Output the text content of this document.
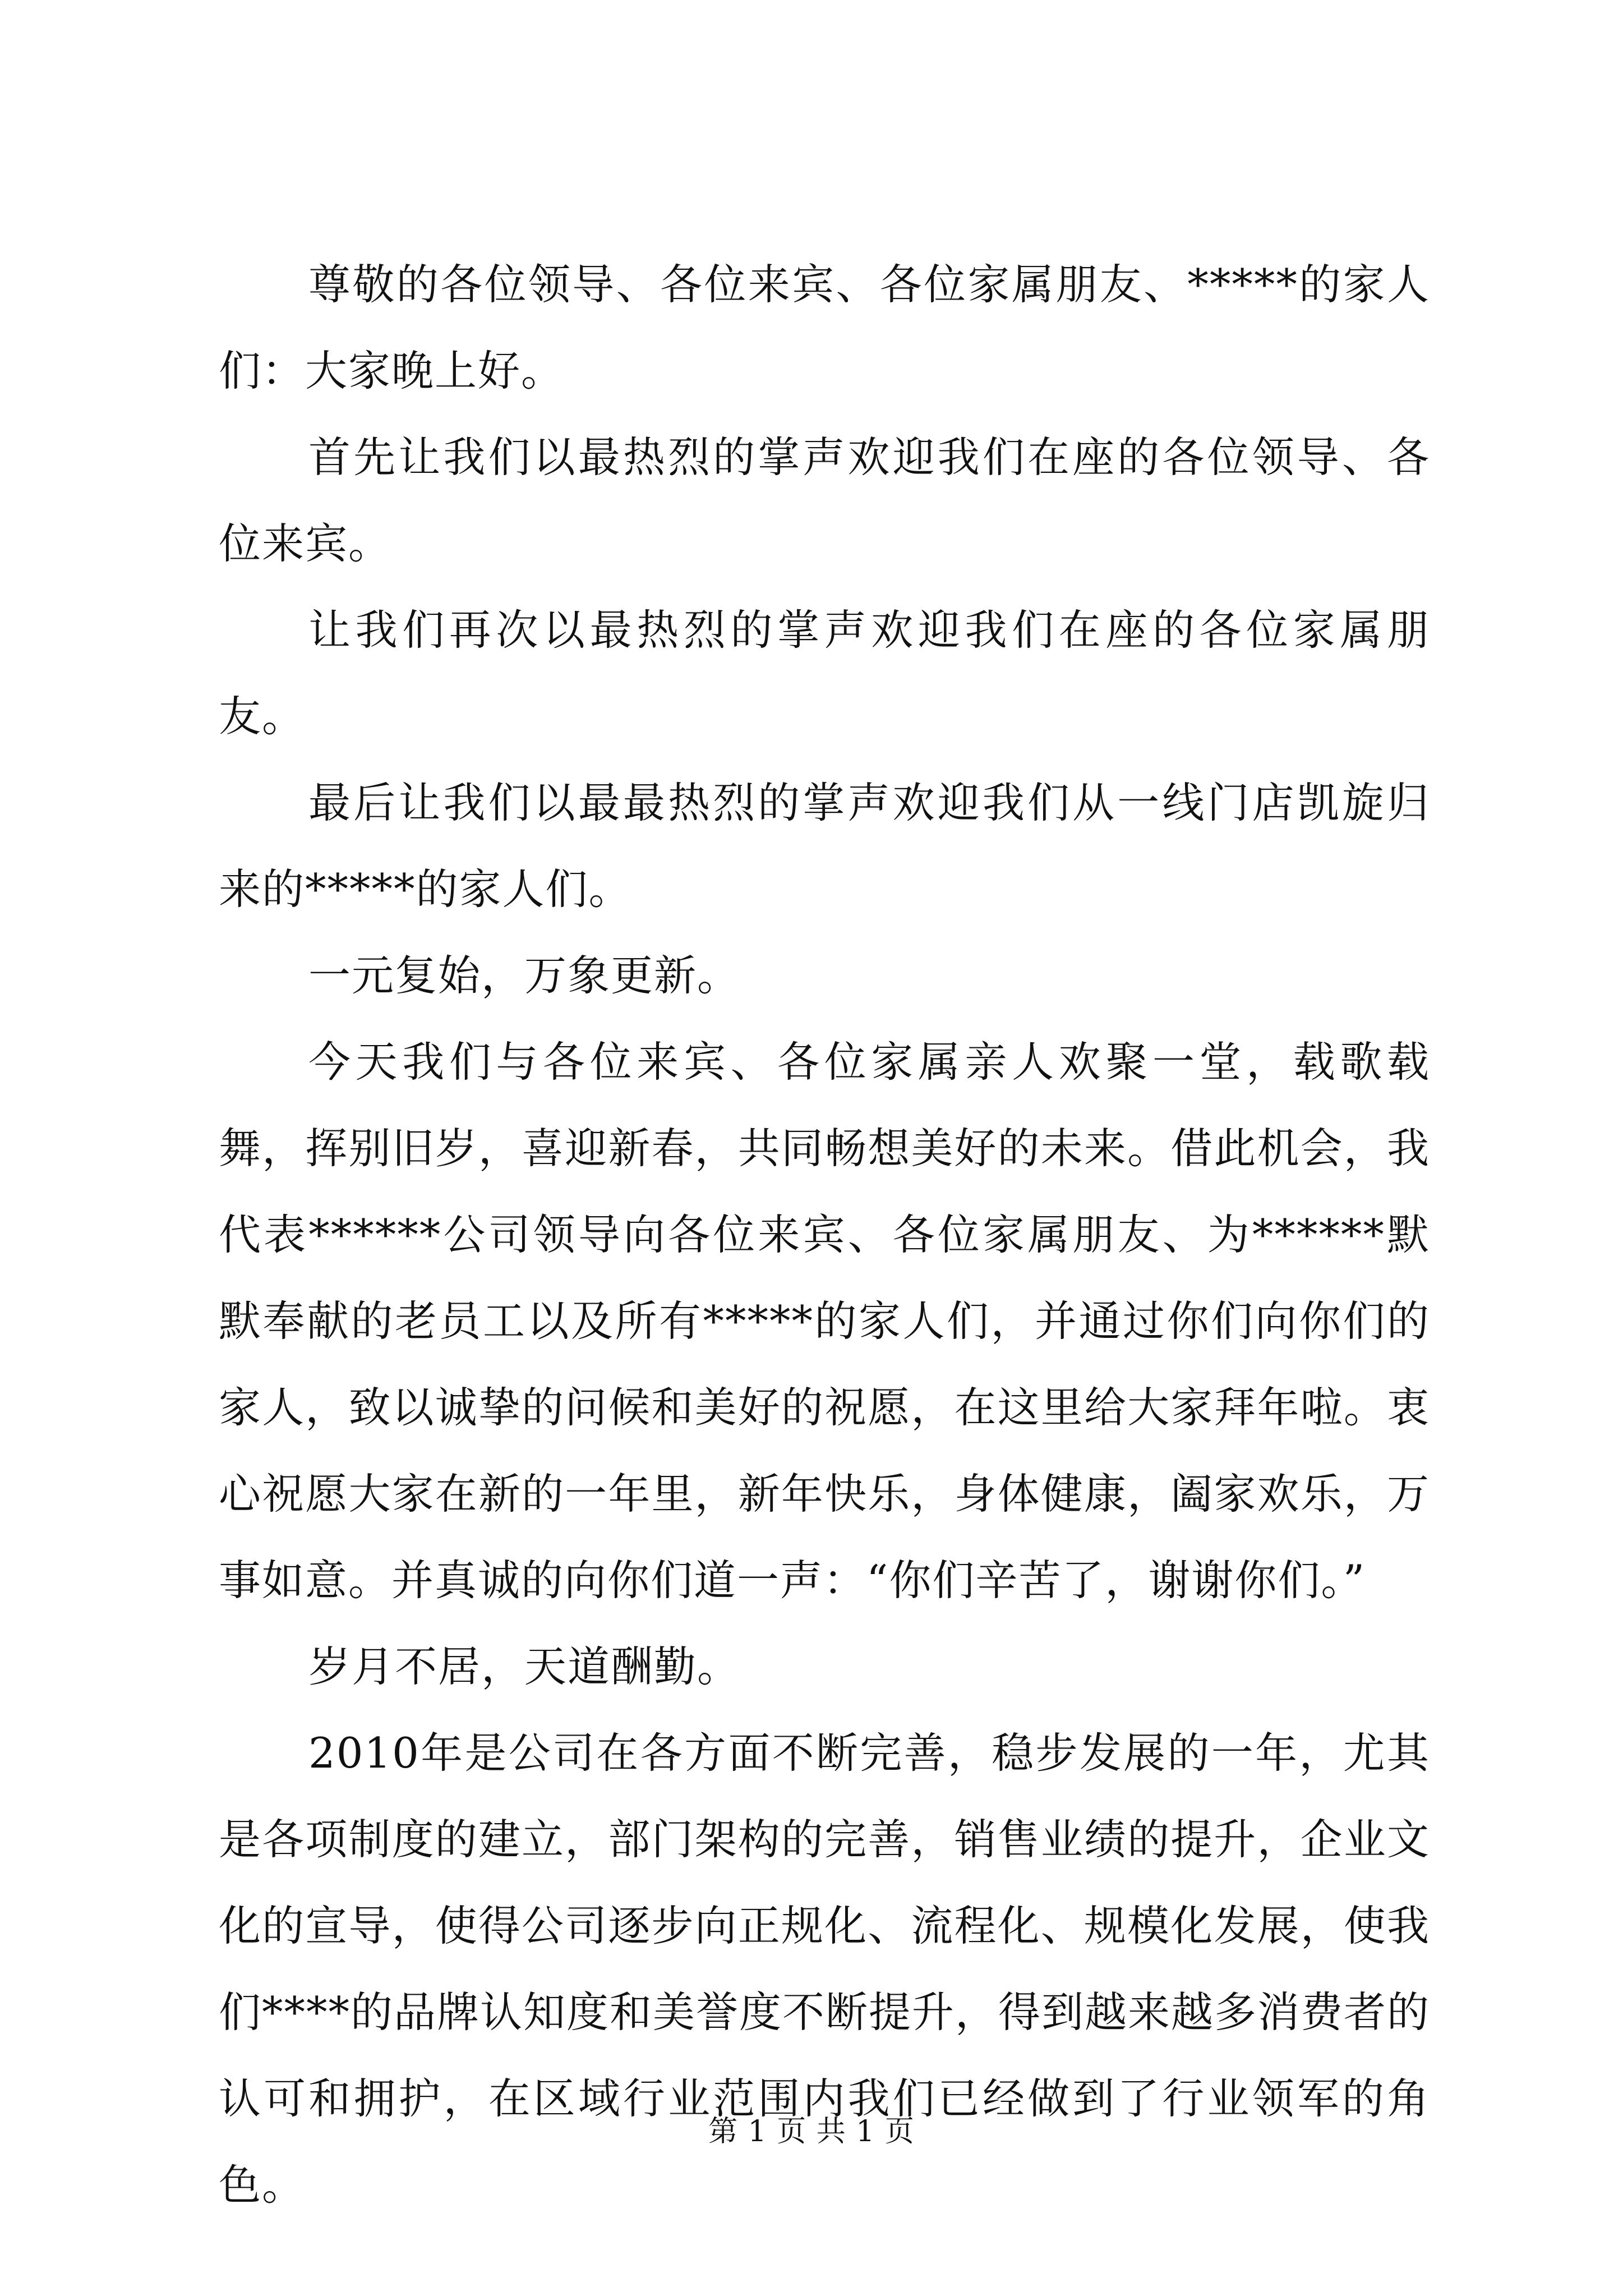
尊敬的各位领导、各位来宾、各位家属朋友、*****的家人们：大家晚上好。

首先让我们以最热烈的掌声欢迎我们在座的各位领导、各位来宾。

让我们再次以最热烈的掌声欢迎我们在座的各位家属朋友。

最后让我们以最最热烈的掌声欢迎我们从一线门店凯旋归来的*****的家人们。

一元复始，万象更新。

今天我们与各位来宾、各位家属亲人欢聚一堂，载歌载舞，挥别旧岁，喜迎新春，共同畅想美好的未来。借此机会，我代表******公司领导向各位来宾、各位家属朋友、为******默默奉献的老员工以及所有*****的家人们，并通过你们向你们的家人，致以诚挚的问候和美好的祝愿，在这里给大家拜年啦。衷心祝愿大家在新的一年里，新年快乐，身体健康，阖家欢乐，万事如意。并真诚的向你们道一声：“你们辛苦了，谢谢你们。”

岁月不居，天道酬勤。

2010年是公司在各方面不断完善，稳步发展的一年，尤其是各项制度的建立，部门架构的完善，销售业绩的提升，企业文化的宣导，使得公司逐步向正规化、流程化、规模化发展，使我们****的品牌认知度和美誉度不断提升，得到越来越多消费者的认可和拥护，在区域行业范围内我们已经做到了行业领军的角色。

第 1 页 共 1 页
